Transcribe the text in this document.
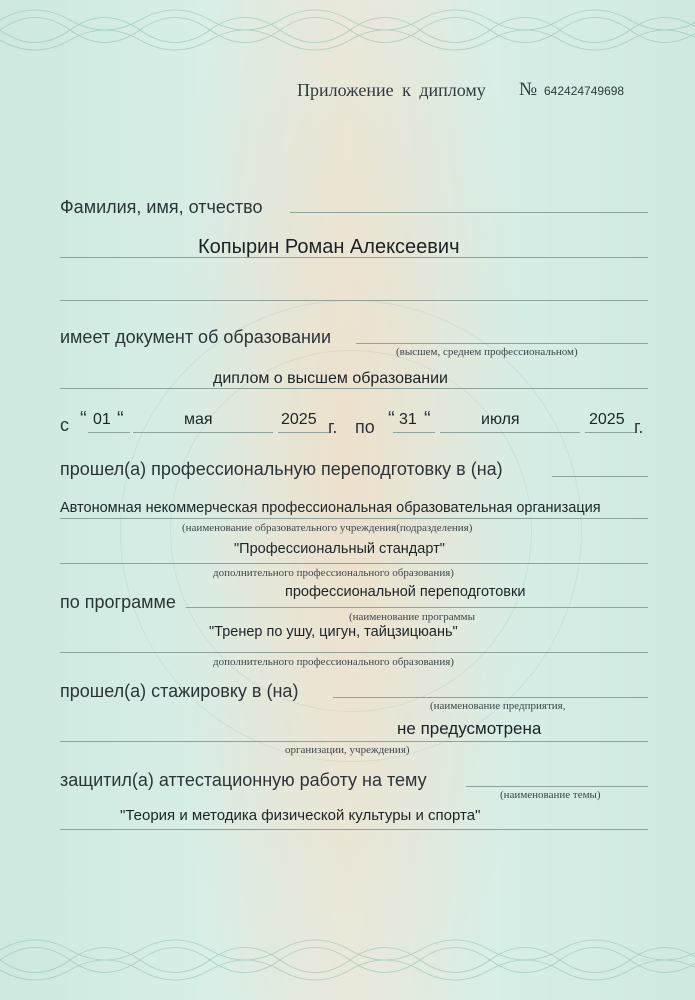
Приложение к диплому № 642424749698
Фамилия, имя, отчество
Копырин Роман Алексеевич
имеет документ об образовании
(высшем, среднем профессиональном)
диплом о высшем образовании
с “ 01 “	мая	2025 г. по “ 31 “	июля	2025 г.
прошел(а) профессиональную переподготовку в (на)
Автономная некоммерческая профессиональная образовательная организация
(наименование образовательного учреждения(подразделения)
"Профессиональный стандарт"
дополнительного профессионального образования)
по программе	профессиональной переподготовки
(наименование программы
"Тренер по ушу, цигун, тайцзицюань"
дополнительного профессионального образования)
прошел(а) стажировку в (на)
(наименование предприятия,
не предусмотрена
организации, учреждения)
защитил(а) аттестационную работу на тему
(наименование темы)
"Теория и методика физической культуры и спорта"
